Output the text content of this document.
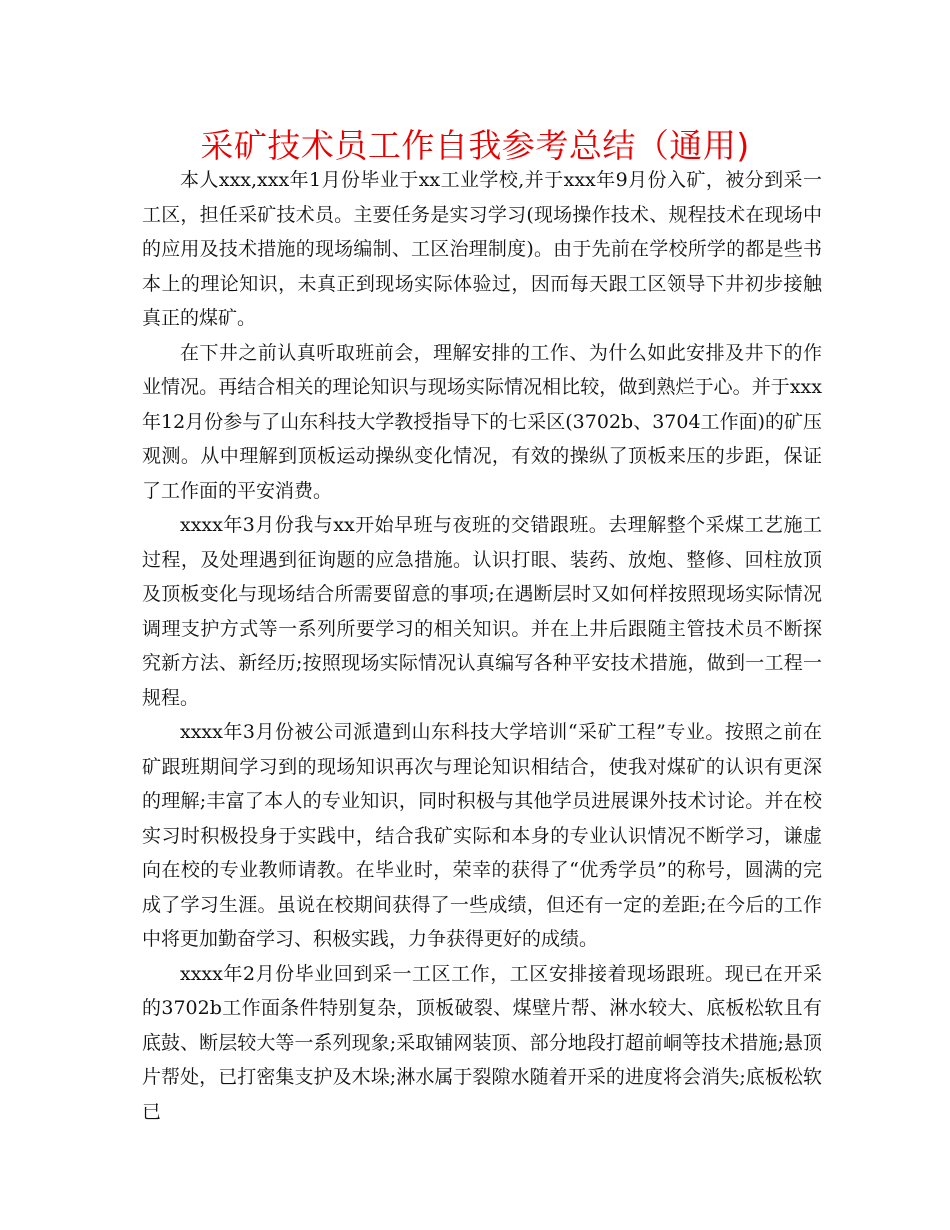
采矿技术员工作自我参考总结（通用)

本人xxx,xxx年1月份毕业于xx工业学校,并于xxx年9月份入矿，被分到采一工区，担任采矿技术员。主要任务是实习学习(现场操作技术、规程技术在现场中的应用及技术措施的现场编制、工区治理制度)。由于先前在学校所学的都是些书本上的理论知识，未真正到现场实际体验过，因而每天跟工区领导下井初步接触真正的煤矿。

在下井之前认真听取班前会，理解安排的工作、为什么如此安排及井下的作业情况。再结合相关的理论知识与现场实际情况相比较，做到熟烂于心。并于xxx年12月份参与了山东科技大学教授指导下的七采区(3702b、3704工作面)的矿压观测。从中理解到顶板运动操纵变化情况，有效的操纵了顶板来压的步距，保证了工作面的平安消费。

xxxx年3月份我与xx开始早班与夜班的交错跟班。去理解整个采煤工艺施工过程，及处理遇到征询题的应急措施。认识打眼、装药、放炮、整修、回柱放顶及顶板变化与现场结合所需要留意的事项;在遇断层时又如何样按照现场实际情况调理支护方式等一系列所要学习的相关知识。并在上井后跟随主管技术员不断探究新方法、新经历;按照现场实际情况认真编写各种平安技术措施，做到一工程一规程。

xxxx年3月份被公司派遣到山东科技大学培训“采矿工程”专业。按照之前在矿跟班期间学习到的现场知识再次与理论知识相结合，使我对煤矿的认识有更深的理解;丰富了本人的专业知识，同时积极与其他学员进展课外技术讨论。并在校实习时积极投身于实践中，结合我矿实际和本身的专业认识情况不断学习，谦虚向在校的专业教师请教。在毕业时，荣幸的获得了“优秀学员”的称号，圆满的完成了学习生涯。虽说在校期间获得了一些成绩，但还有一定的差距;在今后的工作中将更加勤奋学习、积极实践，力争获得更好的成绩。

xxxx年2月份毕业回到采一工区工作，工区安排接着现场跟班。现已在开采的3702b工作面条件特别复杂，顶板破裂、煤壁片帮、淋水较大、底板松软且有底鼓、断层较大等一系列现象;采取铺网装顶、部分地段打超前峒等技术措施;悬顶片帮处，已打密集支护及木垛;淋水属于裂隙水随着开采的进度将会消失;底板松软已
